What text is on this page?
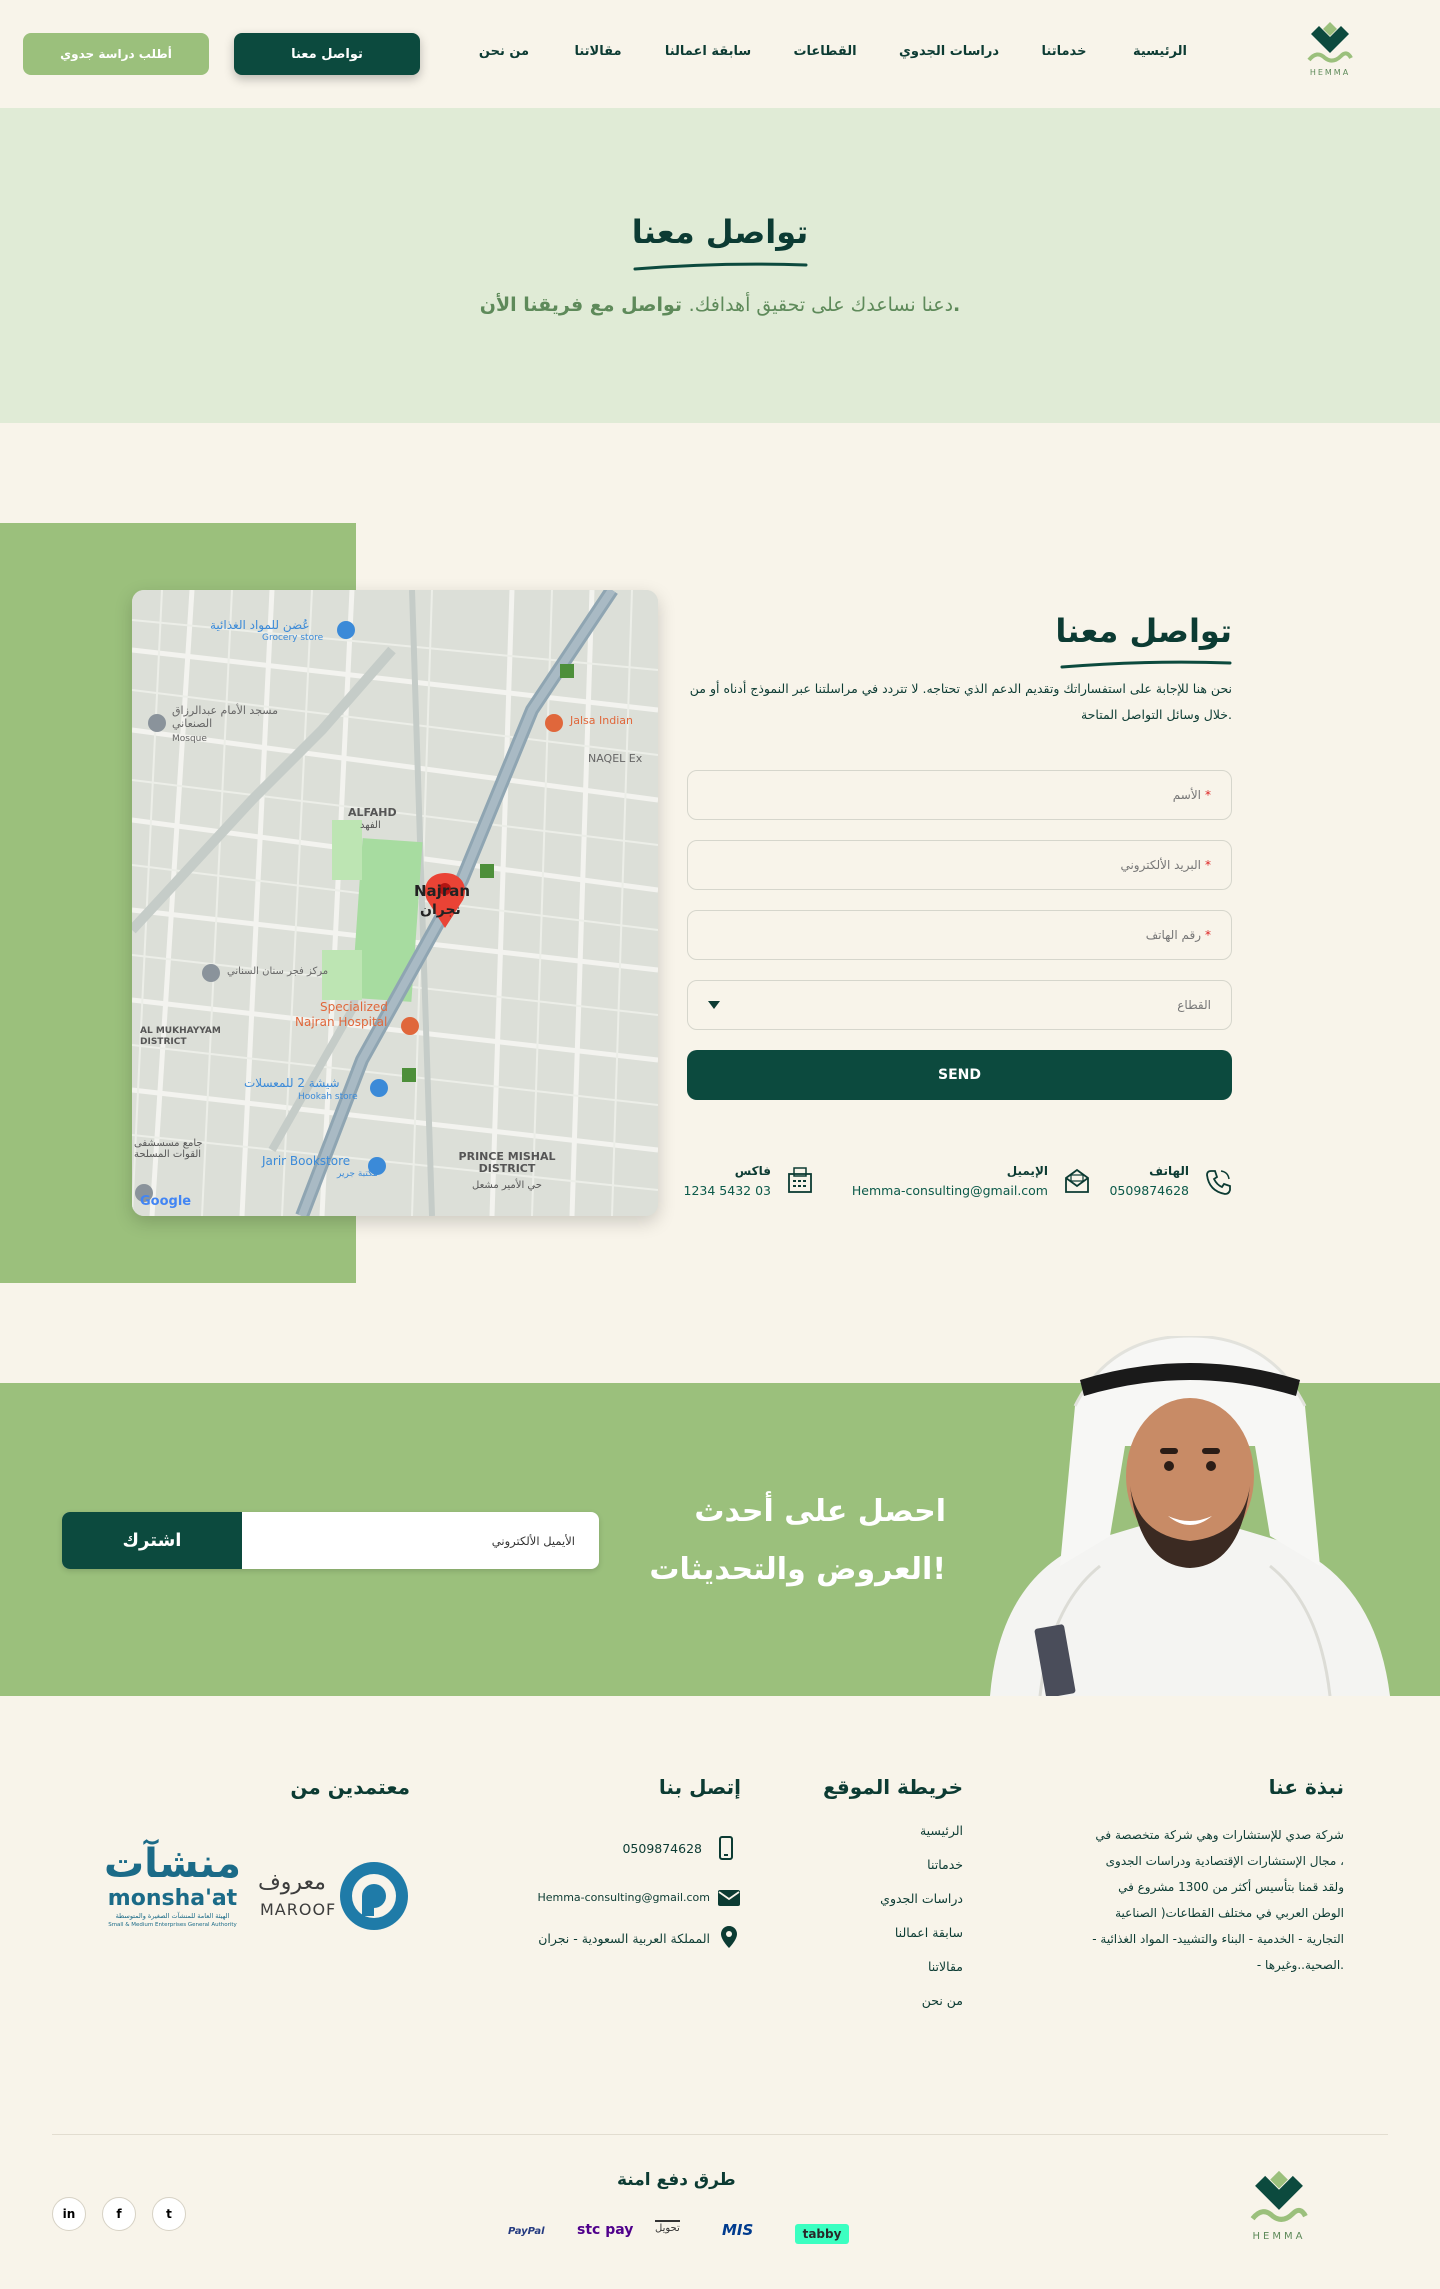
HEMMA
الرئيسية
خدماتنا
دراسات الجدوي
القطاعات
سابقة اعمالنا
مقالاتنا
من نحن
تواصل معنا
أطلب دراسة جدوي
تواصل معنا
دعنا نساعدك على تحقيق أهدافك. تواصل مع فريقنا الأن.
عُضن للمواد الغذائية
Grocery store
مسجد الأمام عبدالرزاق الصنعاني
Mosque
Jalsa Indian
NAQEL Ex
ALFAHD
الفهد
Najran
نجران
مركز فجر سنان السناني
Specialized
Najran Hospital
AL MUKHAYYAM DISTRICT
شيشة 2 للمعسلات
Hookah store
جامع مسسشفى القوات المسلحة	Jarir Bookstore
مكتبة جرير
PRINCE MISHAL DISTRICT
حي الأمير مشعل
Google
تواصل معنا
نحن هنا للإجابة على استفساراتك وتقديم الدعم الذي تحتاجه. لا تتردد في مراسلتنا عبر النموذج أدناه أو من خلال وسائل التواصل المتاحة.
الأسم *
البريد الألكتروني *
رقم الهاتف *
القطاع
SEND
الهاتف
0509874628
الإيميل
Hemma-consulting@gmail.com
فاكس
1234 5432 03
احصل على أحدث
العروض والتحديثات!
اشترك	الأيميل الألكتروني
نبذة عنا
شركة صدي للإستشارات وهي شركة متخصصة في
مجال الإستشارات الإقتصادية ودراسات الجدوى ،
ولقد قمنا بتأسيس أكثر من 1300 مشروع في
الوطن العربي في مختلف القطاعات( الصناعية
- التجارية - الخدمية - البناء والتشييد- المواد الغذائية
- الصحية..وغيرها.
خريطة الموقع
الرئيسية
خدماتنا
دراسات الجدوي
سابقة اعمالنا
مقالاتنا
من نحن
إتصل بنا
0509874628
Hemma-consulting@gmail.com
المملكة العربية السعودية - نجران
معتمدين من
معروف
MAROOF
منشآت
monsha'at
الهيئة العامة للمنشآت الصغيرة والمتوسطة
Small & Medium Enterprises General Authority
HEMMA
طرق دفع امنة
PayPal stc pay تحويل	MIS	tabby
in	f	t
